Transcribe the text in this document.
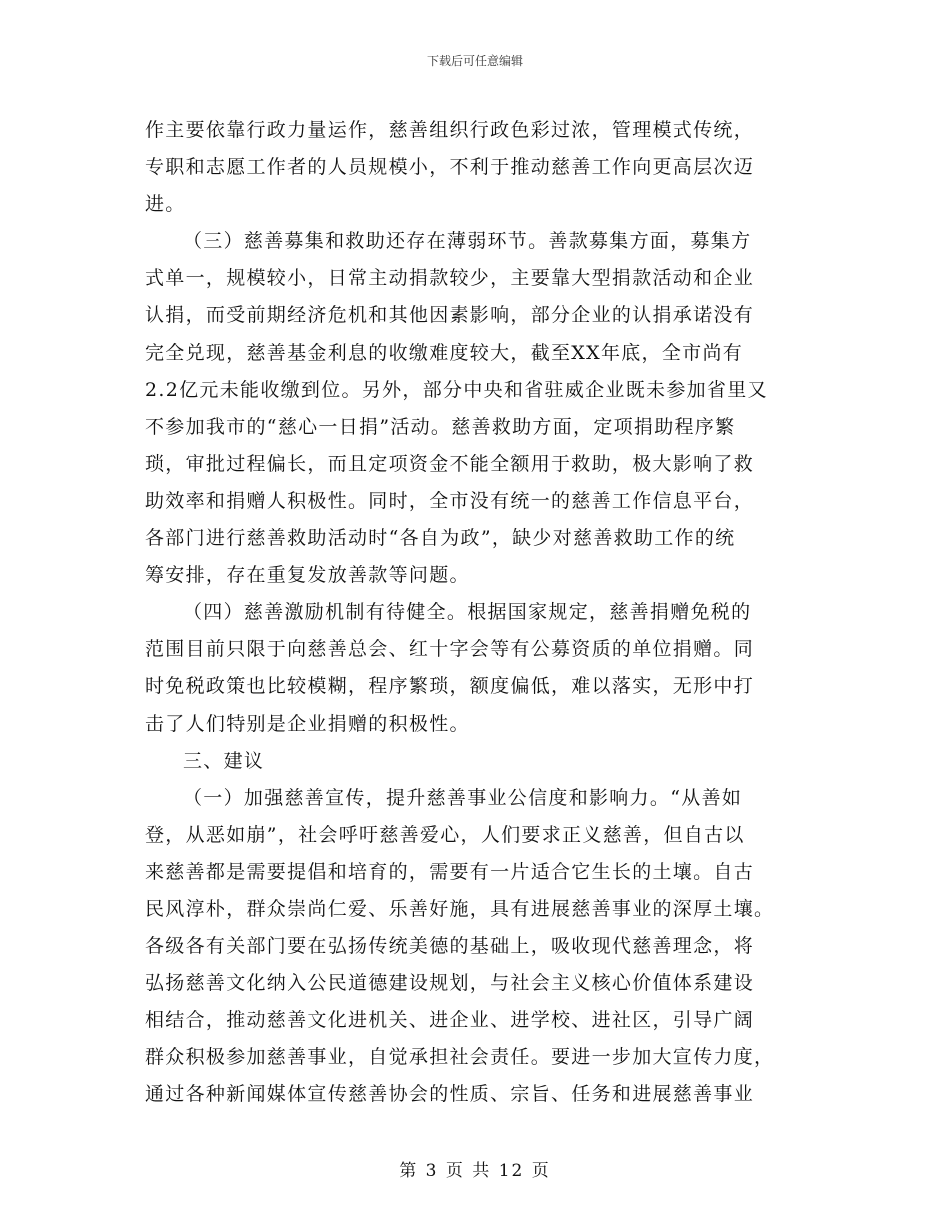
下载后可任意编辑
作主要依靠行政力量运作，慈善组织行政色彩过浓，管理模式传统，
专职和志愿工作者的人员规模小，不利于推动慈善工作向更高层次迈
进。
（三）慈善募集和救助还存在薄弱环节。善款募集方面，募集方
式单一，规模较小，日常主动捐款较少，主要靠大型捐款活动和企业
认捐，而受前期经济危机和其他因素影响，部分企业的认捐承诺没有
完全兑现，慈善基金利息的收缴难度较大，截至XX年底，全市尚有
2.2亿元未能收缴到位。另外，部分中央和省驻威企业既未参加省里又
不参加我市的“慈心一日捐”活动。慈善救助方面，定项捐助程序繁
琐，审批过程偏长，而且定项资金不能全额用于救助，极大影响了救
助效率和捐赠人积极性。同时，全市没有统一的慈善工作信息平台，
各部门进行慈善救助活动时“各自为政”，缺少对慈善救助工作的统
筹安排，存在重复发放善款等问题。
（四）慈善激励机制有待健全。根据国家规定，慈善捐赠免税的
范围目前只限于向慈善总会、红十字会等有公募资质的单位捐赠。同
时免税政策也比较模糊，程序繁琐，额度偏低，难以落实，无形中打
击了人们特别是企业捐赠的积极性。
三、建议
（一）加强慈善宣传，提升慈善事业公信度和影响力。“从善如
登，从恶如崩”，社会呼吁慈善爱心，人们要求正义慈善，但自古以
来慈善都是需要提倡和培育的，需要有一片适合它生长的土壤。自古
民风淳朴，群众崇尚仁爱、乐善好施，具有进展慈善事业的深厚土壤。
各级各有关部门要在弘扬传统美德的基础上，吸收现代慈善理念，将
弘扬慈善文化纳入公民道德建设规划，与社会主义核心价值体系建设
相结合，推动慈善文化进机关、进企业、进学校、进社区，引导广阔
群众积极参加慈善事业，自觉承担社会责任。要进一步加大宣传力度，
通过各种新闻媒体宣传慈善协会的性质、宗旨、任务和进展慈善事业
第 3 页 共 12 页
